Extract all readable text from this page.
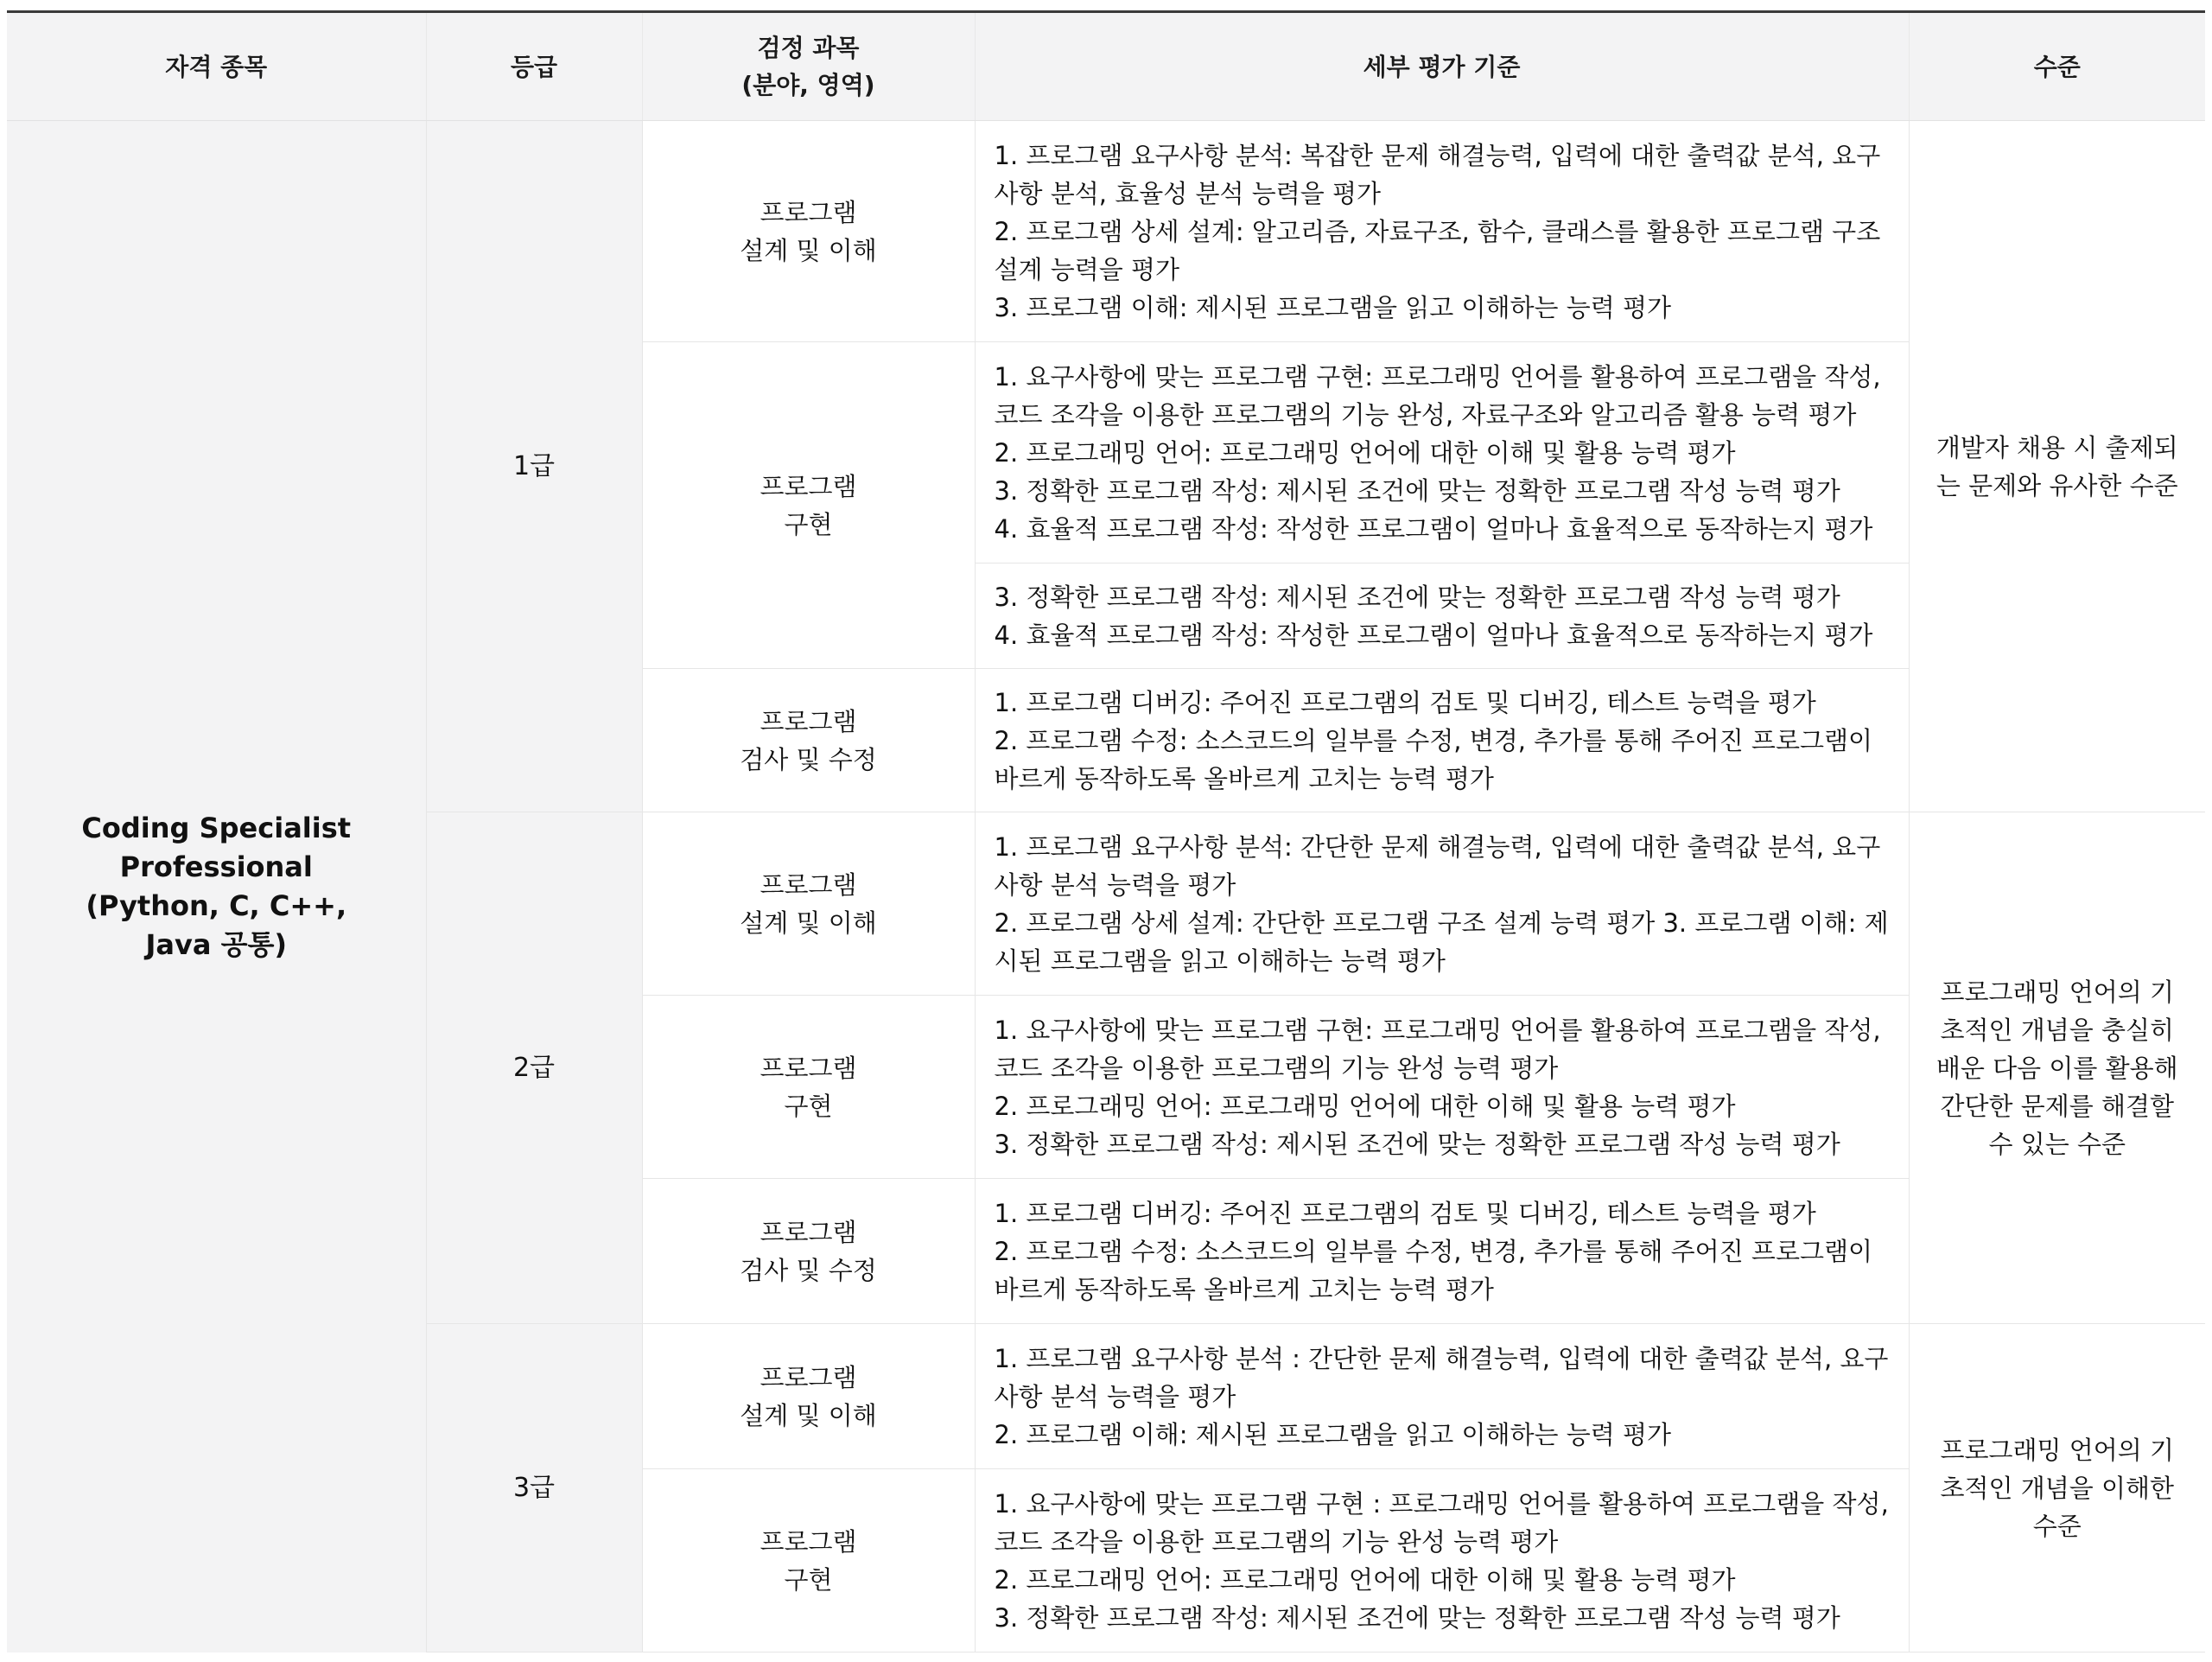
자격 종목	등급	검정 과목
(분야, 영역)	세부 평가 기준	수준

Coding Specialist
Professional
(Python, C, C++,
Java 공통)	1급	프로그램
설계 및 이해	1. 프로그램 요구사항 분석: 복잡한 문제 해결능력, 입력에 대한 출력값 분석, 요구
사항 분석, 효율성 분석 능력을 평가
2. 프로그램 상세 설계: 알고리즘, 자료구조, 함수, 클래스를 활용한 프로그램 구조
설계 능력을 평가
3. 프로그램 이해: 제시된 프로그램을 읽고 이해하는 능력 평가	개발자 채용 시 출제되
는 문제와 유사한 수준

		프로그램
구현	1. 요구사항에 맞는 프로그램 구현: 프로그래밍 언어를 활용하여 프로그램을 작성,
코드 조각을 이용한 프로그램의 기능 완성, 자료구조와 알고리즘 활용 능력 평가
2. 프로그래밍 언어: 프로그래밍 언어에 대한 이해 및 활용 능력 평가
3. 정확한 프로그램 작성: 제시된 조건에 맞는 정확한 프로그램 작성 능력 평가
4. 효율적 프로그램 작성: 작성한 프로그램이 얼마나 효율적으로 동작하는지 평가	

			3. 정확한 프로그램 작성: 제시된 조건에 맞는 정확한 프로그램 작성 능력 평가
4. 효율적 프로그램 작성: 작성한 프로그램이 얼마나 효율적으로 동작하는지 평가	

		프로그램
검사 및 수정	1. 프로그램 디버깅: 주어진 프로그램의 검토 및 디버깅, 테스트 능력을 평가
2. 프로그램 수정: 소스코드의 일부를 수정, 변경, 추가를 통해 주어진 프로그램이
바르게 동작하도록 올바르게 고치는 능력 평가	

	2급	프로그램
설계 및 이해	1. 프로그램 요구사항 분석: 간단한 문제 해결능력, 입력에 대한 출력값 분석, 요구
사항 분석 능력을 평가
2. 프로그램 상세 설계: 간단한 프로그램 구조 설계 능력 평가 3. 프로그램 이해: 제
시된 프로그램을 읽고 이해하는 능력 평가	프로그래밍 언어의 기
초적인 개념을 충실히
배운 다음 이를 활용해
간단한 문제를 해결할
수 있는 수준

		프로그램
구현	1. 요구사항에 맞는 프로그램 구현: 프로그래밍 언어를 활용하여 프로그램을 작성,
코드 조각을 이용한 프로그램의 기능 완성 능력 평가
2. 프로그래밍 언어: 프로그래밍 언어에 대한 이해 및 활용 능력 평가
3. 정확한 프로그램 작성: 제시된 조건에 맞는 정확한 프로그램 작성 능력 평가	

		프로그램
검사 및 수정	1. 프로그램 디버깅: 주어진 프로그램의 검토 및 디버깅, 테스트 능력을 평가
2. 프로그램 수정: 소스코드의 일부를 수정, 변경, 추가를 통해 주어진 프로그램이
바르게 동작하도록 올바르게 고치는 능력 평가	

	3급	프로그램
설계 및 이해	1. 프로그램 요구사항 분석 : 간단한 문제 해결능력, 입력에 대한 출력값 분석, 요구
사항 분석 능력을 평가
2. 프로그램 이해: 제시된 프로그램을 읽고 이해하는 능력 평가	프로그래밍 언어의 기
초적인 개념을 이해한
수준

		프로그램
구현	1. 요구사항에 맞는 프로그램 구현 : 프로그래밍 언어를 활용하여 프로그램을 작성,
코드 조각을 이용한 프로그램의 기능 완성 능력 평가
2. 프로그래밍 언어: 프로그래밍 언어에 대한 이해 및 활용 능력 평가
3. 정확한 프로그램 작성: 제시된 조건에 맞는 정확한 프로그램 작성 능력 평가	
